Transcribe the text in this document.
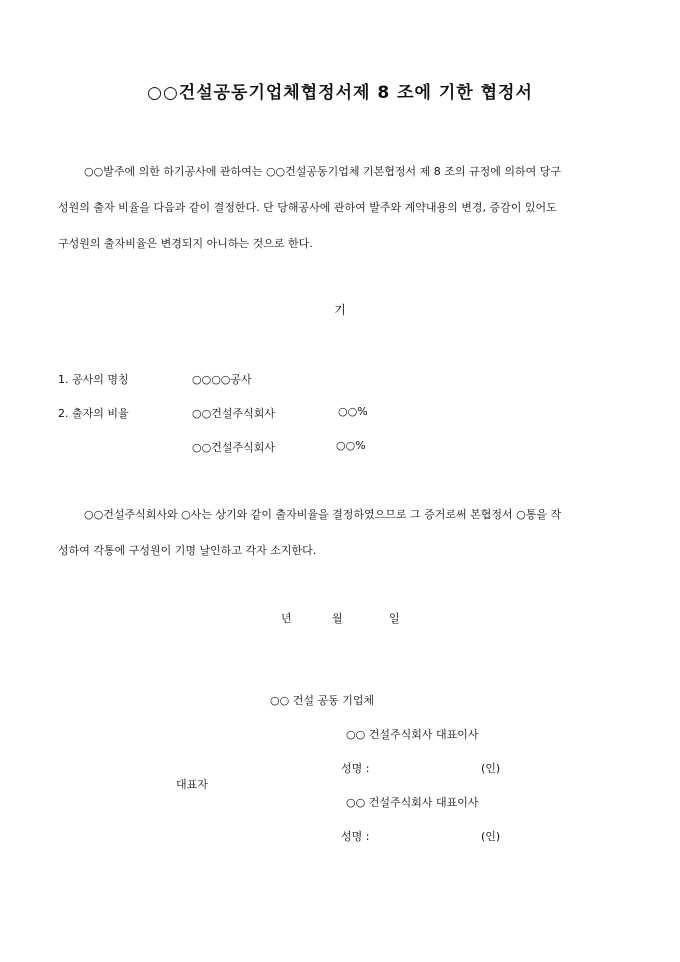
○○건설공동기업체협정서제 8 조에 기한 협정서
○○발주에 의한 하기공사에 관하여는 ○○건설공동기업체 기본협정서 제 8 조의 규정에 의하여 당구
성원의 출자 비율을 다음과 같이 결정한다. 단 당해공사에 관하여 발주와 계약내용의 변경, 증감이 있어도
구성원의 출자비율은 변경되지 아니하는 것으로 한다.
기
1. 공사의 명칭	○○○○공사
2. 출자의 비율	○○건설주식회사	○○%
○○건설주식회사	○○%
○○건설주식회사와 ○사는 상기와 같이 출자비율을 결정하였으므로 그 증거로써 본협정서 ○통을 작
성하여 각통에 구성원이 기명 날인하고 각자 소지한다.
년	월	일
○○ 건설 공동 기업체
○○ 건설주식회사 대표이사
성명 :	(인)
대표자
○○ 건설주식회사 대표이사
성명 :	(인)
